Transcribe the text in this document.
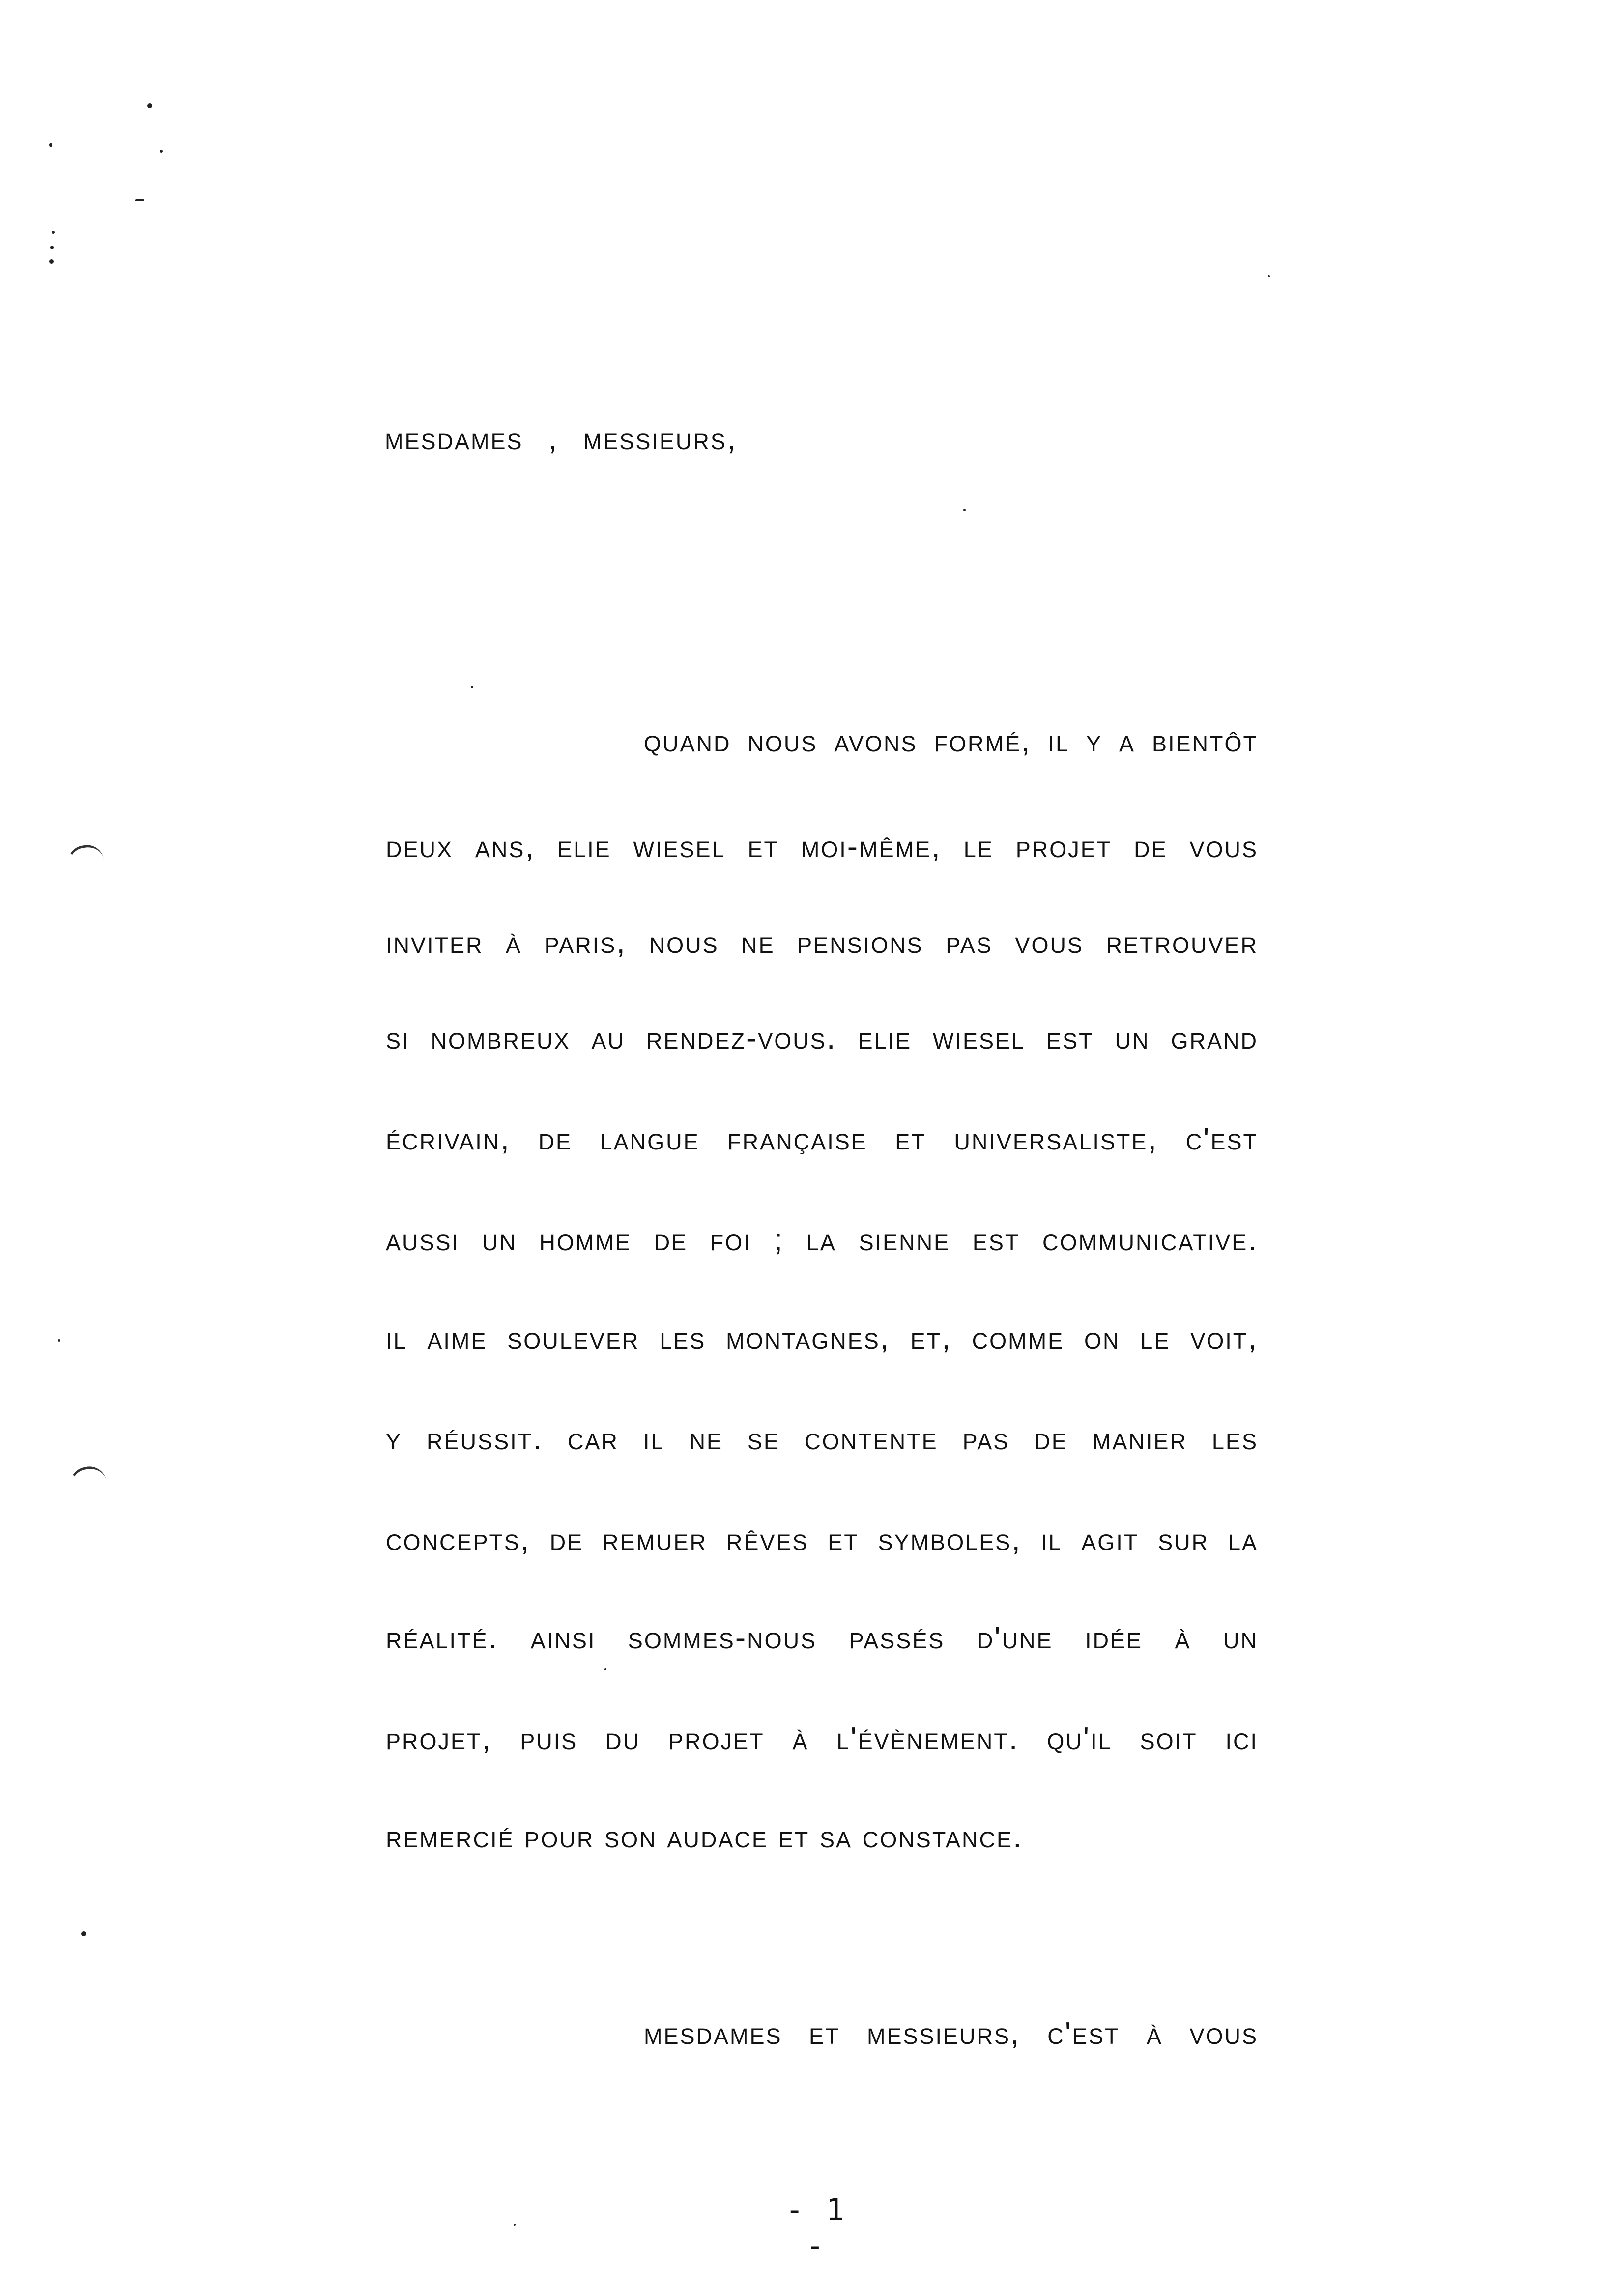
mesdames , messieurs,
quand nous avons formé, il y a bientôt
deux ans, elie wiesel et moi-même, le projet de vous
inviter à paris, nous ne pensions pas vous retrouver
si nombreux au rendez-vous. elie wiesel est un grand
écrivain, de langue française et universaliste, c'est
aussi un homme de foi ; la sienne est communicative.
il aime soulever les montagnes, et, comme on le voit,
y réussit. car il ne se contente pas de manier les
concepts, de remuer rêves et symboles, il agit sur la
réalité. ainsi sommes-nous passés d'une idée à un
projet, puis du projet à l'évènement. qu'il soit ici
remercié pour son audace et sa constance.
mesdames et messieurs, c'est à vous
- 1 -
